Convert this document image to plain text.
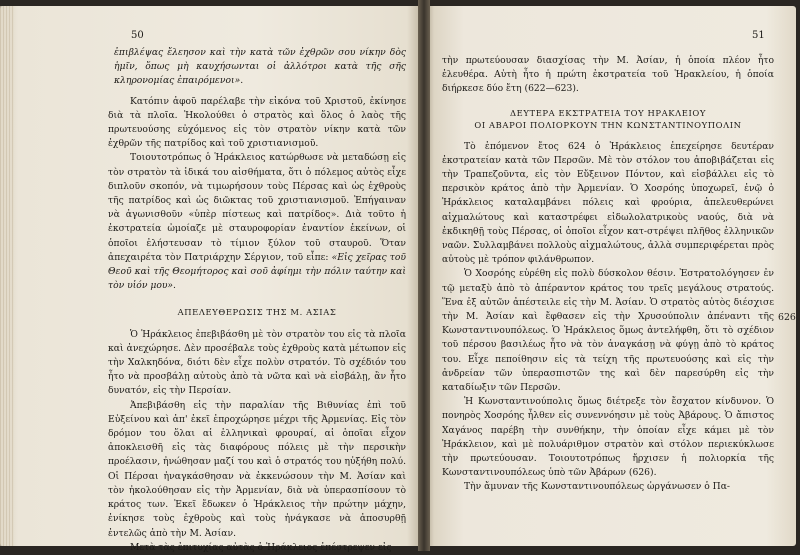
50

ἐπιβλέψας ἔλεησον καὶ τὴν κατὰ τῶν ἐχθρῶν σου νίκην δὸς ἡμῖν, ὅπως μὴ καυχήσωνται οἱ ἀλλότροι κατὰ τῆς σῆς κληρονομίας ἐπαιρόμενοι».

Κατόπιν ἀφοῦ παρέλαβε τὴν εἰκόνα τοῦ Χριστοῦ, ἐκίνησε διὰ τὰ πλοῖα. Ἠκολούθει ὁ στρατὸς καὶ ὅλος ὁ λαὸς τῆς πρωτευούσης εὐχόμενος εἰς τὸν στρατὸν νίκην κατὰ τῶν ἐχθρῶν τῆς πατρίδος καὶ τοῦ χριστιανισμοῦ.

Τοιουτοτρόπως ὁ Ἡράκλειος κατώρθωσε νὰ μεταδώσῃ εἰς τὸν στρατὸν τὰ ἰδικά του αἰσθήματα, ὅτι ὁ πόλεμος αὐτὸς εἶχε διπλοῦν σκοπόν, νὰ τιμωρήσουν τοὺς Πέρσας καὶ ὡς ἐχθροὺς τῆς πατρίδος καὶ ὡς διῶκτας τοῦ χριστιανισμοῦ. Ἐπήγαιναν νὰ ἀγωνισθοῦν «ὑπὲρ πίστεως καὶ πατρίδος». Διὰ τοῦτο ἡ ἐκστρατεία ὠμοίαζε μὲ σταυροφορίαν ἐναντίον ἐκείνων, οἱ ὁποῖοι ἐλήστευσαν τὸ τίμιον ξύλον τοῦ σταυροῦ. Ὅταν ἀπεχαιρέτα τὸν Πατριάρχην Σέργιον, τοῦ εἶπε: «Εἰς χεῖρας τοῦ Θεοῦ καὶ τῆς Θεομήτορος καὶ σοῦ ἀφίημι τὴν πόλιν ταύτην καὶ τὸν υἱόν μου».

ΑΠΕΛΕΥΘΕΡΩΣΙΣ ΤΗΣ Μ. ΑΣΙΑΣ

Ὁ Ἡράκλειος ἐπεβιβάσθη μὲ τὸν στρατὸν του εἰς τὰ πλοῖα καὶ ἀνεχώρησε. Δὲν προσέβαλε τοὺς ἐχθροὺς κατὰ μέτωπον εἰς τὴν Χαλκηδόνα, διότι δὲν εἶχε πολὺν στρατόν. Τὸ σχέδιόν του ἦτο νὰ προσβάλῃ αὐτοὺς ἀπὸ τὰ νῶτα καὶ νὰ εἰσβάλῃ, ἂν ἦτο δυνατόν, εἰς τὴν Περσίαν.

Ἀπεβιβάσθη εἰς τὴν παραλίαν τῆς Βιθυνίας ἐπὶ τοῦ Εὐξείνου καὶ ἀπ' ἐκεῖ ἐπροχώρησε μέχρι τῆς Ἀρμενίας. Εἰς τὸν δρόμον του ὅλαι αἱ ἑλληνικαὶ φρουραί, αἱ ὁποῖαι εἶχον ἀποκλεισθῆ εἰς τὰς διαφόρους πόλεις μὲ τὴν περσικὴν προέλασιν, ἠνώθησαν μαζί του καὶ ὁ στρατός του ηὐξήθη πολύ. Οἱ Πέρσαι ἠναγκάσθησαν νὰ ἐκκενώσουν τὴν Μ. Ἀσίαν καὶ τὸν ἠκολούθησαν εἰς τὴν Ἀρμενίαν, διὰ νὰ ὑπερασπίσουν τὸ κράτος των. Ἐκεῖ ἔδωκεν ὁ Ἡράκλειος τὴν πρώτην μάχην, ἐνίκησε τοὺς ἐχθροὺς καὶ τοὺς ἠνάγκασε νὰ ἀποσυρθῇ ἐντελῶς ἀπὸ τὴν Μ. Ἀσίαν.

Μετὰ τὰς ἐπιτυχίας αὐτὰς ὁ Ἡράκλειος ἐπέστρεψεν εἰς

51

τὴν πρωτεύουσαν διασχίσας τὴν Μ. Ἀσίαν, ἡ ὁποία πλέον ἦτο ἐλευθέρα. Αὐτὴ ἦτο ἡ πρώτη ἐκστρατεία τοῦ Ἡρακλείου, ἡ ὁποία διήρκεσε δύο ἔτη (622—623).

ΔΕΥΤΕΡΑ ΕΚΣΤΡΑΤΕΙΑ ΤΟΥ ΗΡΑΚΛΕΙΟΥ
ΟΙ ΑΒΑΡΟΙ ΠΟΛΙΟΡΚΟΥΝ ΤΗΝ ΚΩΝΣΤΑΝΤΙΝΟΥΠΟΛΙΝ

Τὸ ἑπόμενον ἔτος 624 ὁ Ἡράκλειος ἐπεχείρησε δευτέραν ἐκστρατείαν κατὰ τῶν Περσῶν. Μὲ τὸν στόλον του ἀποβιβάζεται εἰς τὴν Τραπεζοῦντα, εἰς τὸν Εὔξεινον Πόντον, καὶ εἰσβάλλει εἰς τὸ περσικὸν κράτος ἀπὸ τὴν Ἀρμενίαν. Ὁ Χοσρόης ὑποχωρεῖ, ἐνῷ ὁ Ἡράκλειος καταλαμβάνει πόλεις καὶ φρούρια, ἀπελευθερώνει αἰχμαλώτους καὶ καταστρέφει εἰδωλολατρικοὺς ναούς, διὰ νὰ ἐκδικηθῇ τοὺς Πέρσας, οἱ ὁποῖοι εἶχον κατ-στρέψει πλῆθος ἑλληνικῶν ναῶν. Συλλαμβάνει πολλοὺς αἰχμαλώτους, ἀλλὰ συμπεριφέρεται πρὸς αὐτοὺς μὲ τρόπον φιλάνθρωπον.

Ὁ Χοσρόης εὑρέθη εἰς πολὺ δύσκολον θέσιν. Ἐστρατολόγησεν ἐν τῷ μεταξὺ ἀπὸ τὸ ἀπέραντον κράτος του τρεῖς μεγάλους στρατούς. Ἕνα ἐξ αὐτῶν ἀπέστειλε εἰς τὴν Μ. Ἀσίαν. Ὁ στρατὸς αὐτὸς διέσχισε τὴν Μ. Ἀσίαν καὶ ἔφθασεν εἰς τὴν Χρυσούπολιν ἀπέναντι τῆς Κωνσταντινουπόλεως. Ὁ Ἡράκλειος ὅμως ἀντελήφθη, ὅτι τὸ σχέδιον τοῦ πέρσου βασιλέως ἦτο νὰ τὸν ἀναγκάσῃ νὰ φύγῃ ἀπὸ τὸ κράτος του. Εἶχε πεποίθησιν εἰς τὰ τείχη τῆς πρωτευούσης καὶ εἰς τὴν ἀνδρείαν τῶν ὑπερασπιστῶν της καὶ δὲν παρεσύρθη εἰς τὴν καταδίωξιν τῶν Περσῶν.

Ἡ Κωνσταντινούπολις ὅμως διέτρεξε τὸν ἔσχατον κίνδυνον. Ὁ πονηρὸς Χοσρόης ἦλθεν εἰς συνεννόησιν μὲ τοὺς Ἀβάρους. Ὁ ἄπιστος Χαγάνος παρέβη τὴν συνθήκην, τὴν ὁποίαν εἶχε κάμει μὲ τὸν Ἡράκλειον, καὶ μὲ πολυάριθμον στρατὸν καὶ στόλον περιεκύκλωσε τὴν πρωτεύουσαν. Τοιουτοτρόπως ἤρχισεν ἡ πολιορκία τῆς Κωνσταντινουπόλεως ὑπὸ τῶν Ἀβάρων (626).

Τὴν ἄμυναν τῆς Κωνσταντινουπόλεως ὠργάνωσεν ὁ Πα-

626
